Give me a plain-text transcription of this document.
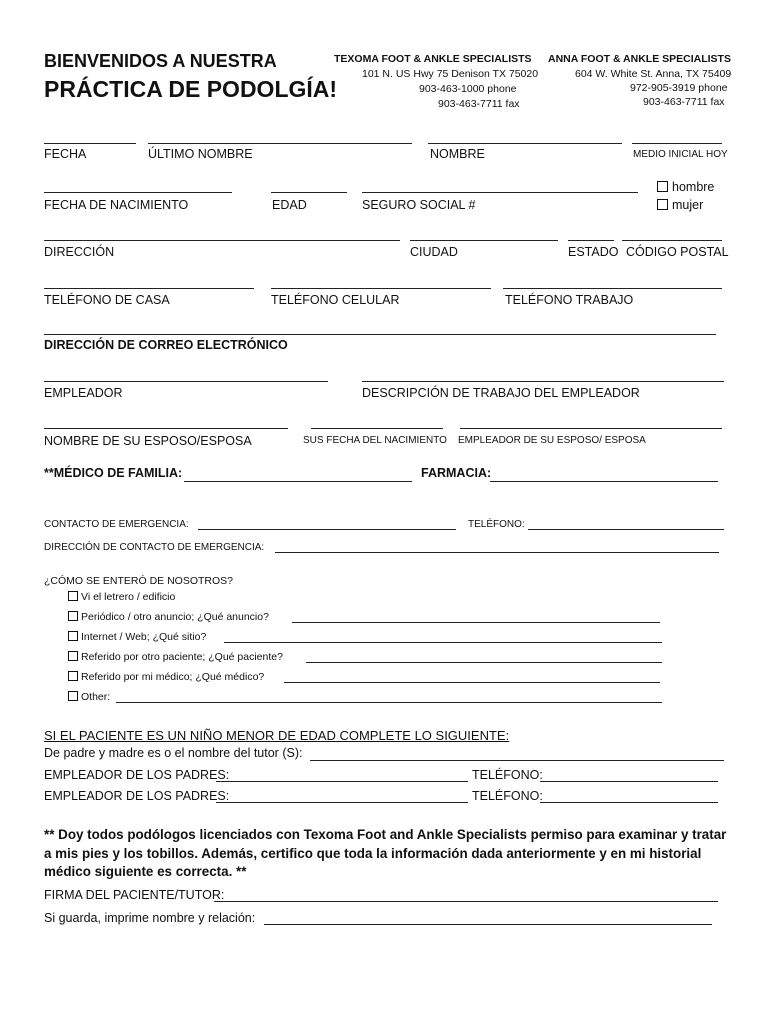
BIENVENIDOS A NUESTRA
PRÁCTICA DE PODOLGÍA!
TEXOMA FOOT & ANKLE SPECIALISTS
101 N. US Hwy 75 Denison TX 75020
903-463-1000 phone
903-463-7711 fax
ANNA FOOT & ANKLE SPECIALISTS
604 W. White St. Anna, TX 75409
972-905-3919 phone
903-463-7711 fax
FECHA	ÚLTIMO NOMBRE	NOMBRE	MEDIO INICIAL HOY
FECHA DE NACIMIENTO	EDAD	SEGURO SOCIAL #
hombre
mujer
DIRECCIÓN	CIUDAD	ESTADO CÓDIGO POSTAL
TELÉFONO DE CASA	TELÉFONO CELULAR	TELÉFONO TRABAJO
DIRECCIÓN DE CORREO ELECTRÓNICO
EMPLEADOR	DESCRIPCIÓN DE TRABAJO DEL EMPLEADOR
NOMBRE DE SU ESPOSO/ESPOSA	SUS FECHA DEL NACIMIENTO EMPLEADOR DE SU ESPOSO/ ESPOSA
**MÉDICO DE FAMILIA:	FARMACIA:
CONTACTO DE EMERGENCIA:	TELÉFONO:
DIRECCIÓN DE CONTACTO DE EMERGENCIA:
¿CÓMO SE ENTERÓ DE NOSOTROS?
Vi el letrero / edificio
Periódico / otro anuncio; ¿Qué anuncio?
Internet / Web; ¿Qué sitio?
Referido por otro paciente; ¿Qué paciente?
Referido por mi médico; ¿Qué médico?
Other:
SI EL PACIENTE ES UN NIÑO MENOR DE EDAD COMPLETE LO SIGUIENTE:
De padre y madre es o el nombre del tutor (S):
EMPLEADOR DE LOS PADRES:	TELÉFONO:
EMPLEADOR DE LOS PADRES:	TELÉFONO:
** Doy todos podólogos licenciados con Texoma Foot and Ankle Specialists permiso para examinar y tratar a mis pies y los tobillos. Además, certifico que toda la información dada anteriormente y en mi historial médico siguiente es correcta. **
FIRMA DEL PACIENTE/TUTOR:
Si guarda, imprime nombre y relación:
